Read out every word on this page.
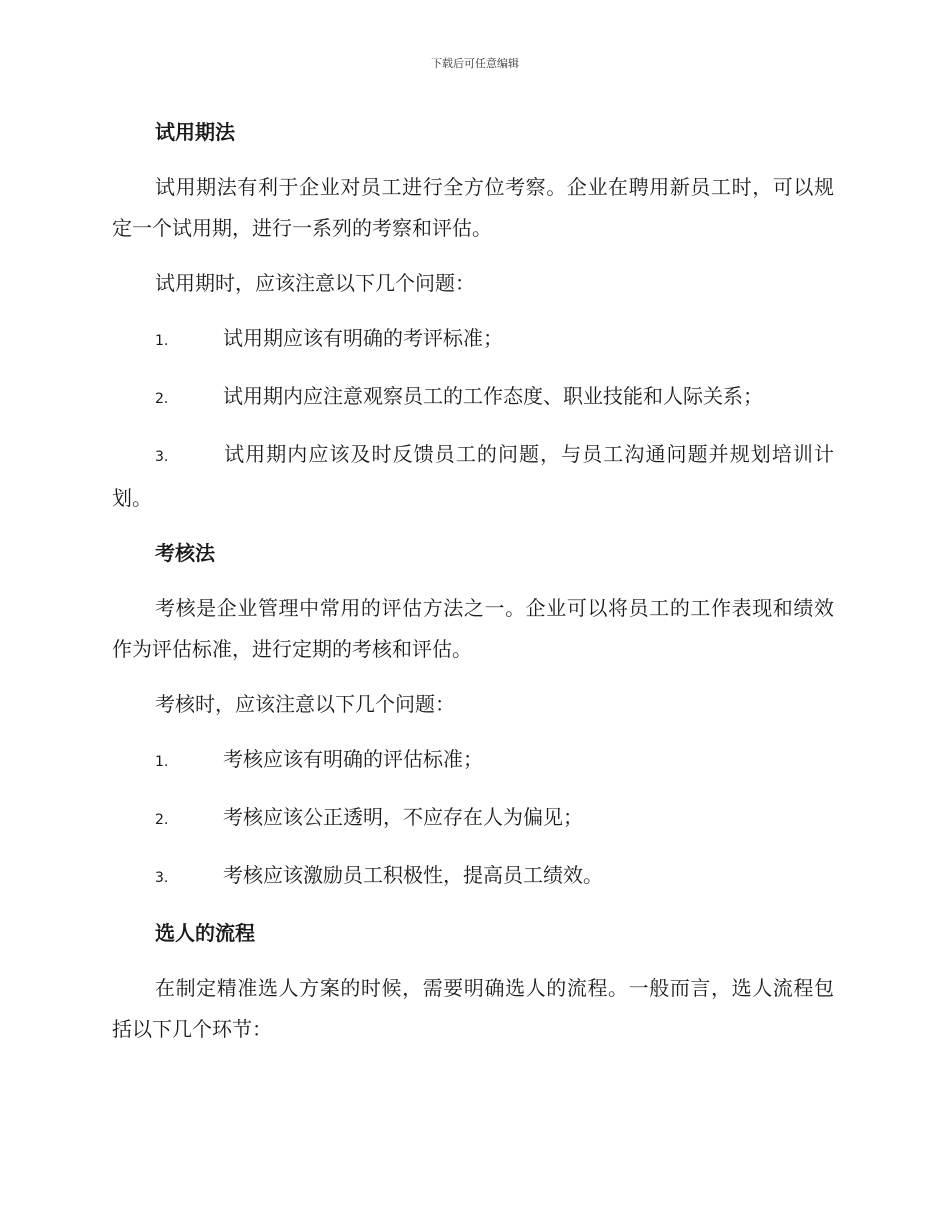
下载后可任意编辑
试用期法

试用期法有利于企业对员工进行全方位考察。企业在聘用新员工时，可以规定一个试用期，进行一系列的考察和评估。

试用期时，应该注意以下几个问题：

1.	试用期应该有明确的考评标准；

2.	试用期内应注意观察员工的工作态度、职业技能和人际关系；

3.	试用期内应该及时反馈员工的问题，与员工沟通问题并规划培训计划。

考核法

考核是企业管理中常用的评估方法之一。企业可以将员工的工作表现和绩效作为评估标准，进行定期的考核和评估。

考核时，应该注意以下几个问题：

1.	考核应该有明确的评估标准；

2.	考核应该公正透明，不应存在人为偏见；

3.	考核应该激励员工积极性，提高员工绩效。

选人的流程

在制定精准选人方案的时候，需要明确选人的流程。一般而言，选人流程包括以下几个环节：
